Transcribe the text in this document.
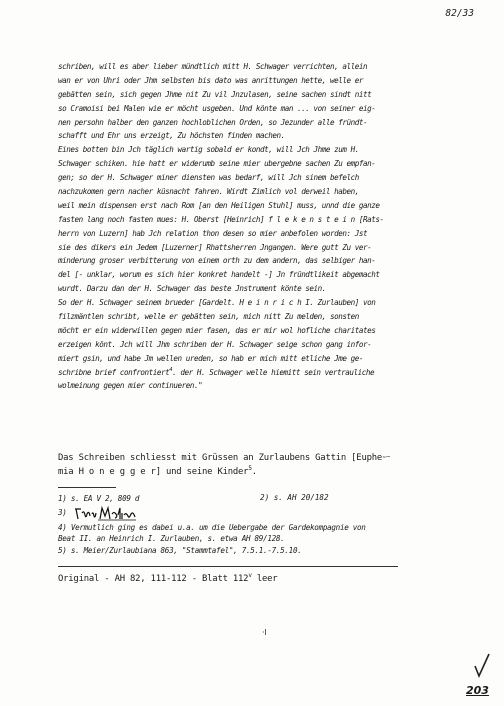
82/33
schriben, will es aber lieber mündtlich mitt H. Schwager verrichten, allein
wan er von Uhri oder Jhm selbsten bis dato was anrittungen hette, welle er
gebätten sein, sich gegen Jhme nit Zu vil Jnzulasen, seine sachen sindt nitt
so Cramoisi bei Malen wie er möcht usgeben. Und könte man ... von seiner eig-
nen persohn halber den ganzen hochloblichen Orden, so Jezunder alle fründt-
schafft und Ehr uns erzeigt, Zu höchsten finden machen.
Eines botten bin Jch täglich wartig sobald er kondt, will Jch Jhme zum H.
Schwager schiken. hie hatt er widerumb seine mier ubergebne sachen Zu empfan-
gen; so der H. Schwager miner diensten was bedarf, will Jch sinem befelch
nachzukomen gern nacher küsnacht fahren. Wirdt Zimlich vol derweil haben,
weil mein dispensen erst nach Rom [an den Heiligen Stuhl] muss, unnd die ganze
fasten lang noch fasten mues: H. Oberst [Heinrich] f l e k e n s t e i n [Rats-
herrn von Luzern] hab Jch relation thon desen so mier anbefolen worden: Jst
sie des dikers ein Jedem [Luzerner] Rhattsherren Jngangen. Were gutt Zu ver-
minderung groser verbitterung von einem orth zu dem andern, das selbiger han-
del [- unklar, worum es sich hier konkret handelt -] Jn fründtlikeit abgemacht
wurdt. Darzu dan der H. Schwager das beste Jnstrument könte sein.
So der H. Schwager seinem brueder [Gardelt. H e i n r i c h I. Zurlauben] von
filzmäntlen schribt, welle er gebätten sein, mich nitt Zu melden, sonsten
möcht er ein widerwillen gegen mier fasen, das er mir wol hofliche charitates
erzeigen könt. Jch will Jhm schriben der H. Schwager seige schon gang infor-
miert gsin, und habe Jm wellen ureden, so hab er mich mitt etliche Jme ge-
schribne brief confrontiert$^4$. der H. Schwager welle hiemitt sein vertrauliche
wolmeinung gegen mier continueren."
Das Schreiben schliesst mit Grüssen an Zurlaubens Gattin [Eupheー
mia H o n e g g e r] und seine Kinder$^5$.
1) s. EA V 2, 809 d	2) s. AH 20/182
3)
4) Vermutlich ging es dabei u.a. um die Uebergabe der Gardekompagnie von
Beat II. an Heinrich I. Zurlauben, s. etwa AH 89/128.
5) s. Meier/Zurlaubiana 863, "Stammtafel", 7.5.1.-7.5.10.
Original - AH 82, 111-112 - Blatt 112$^v$ leer
·l
203
